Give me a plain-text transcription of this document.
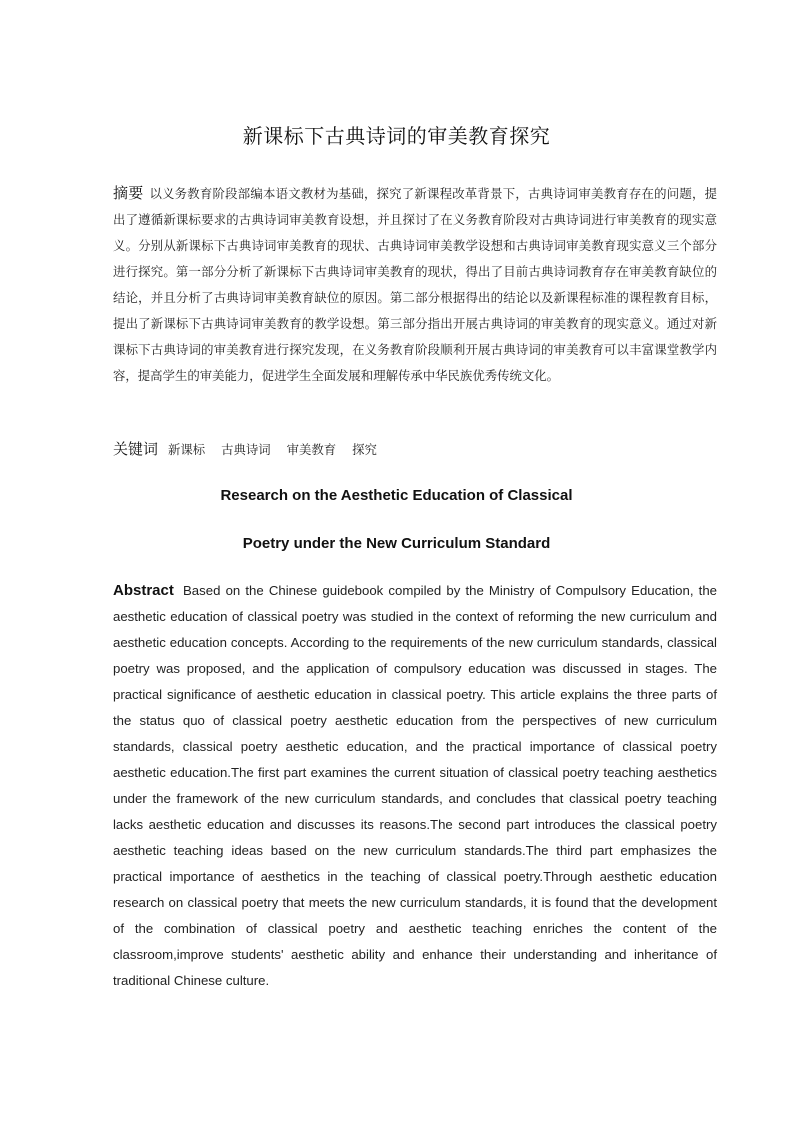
新课标下古典诗词的审美教育探究
摘要 以义务教育阶段部编本语文教材为基础，探究了新课程改革背景下，古典诗词审美教育存在的问题，提出了遵循新课标要求的古典诗词审美教育设想，并且探讨了在义务教育阶段对古典诗词进行审美教育的现实意义。分别从新课标下古典诗词审美教育的现状、古典诗词审美教学设想和古典诗词审美教育现实意义三个部分进行探究。第一部分分析了新课标下古典诗词审美教育的现状，得出了目前古典诗词教育存在审美教育缺位的结论，并且分析了古典诗词审美教育缺位的原因。第二部分根据得出的结论以及新课程标准的课程教育目标，提出了新课标下古典诗词审美教育的教学设想。第三部分指出开展古典诗词的审美教育的现实意义。通过对新课标下古典诗词的审美教育进行探究发现，在义务教育阶段顺利开展古典诗词的审美教育可以丰富课堂教学内容，提高学生的审美能力，促进学生全面发展和理解传承中华民族优秀传统文化。
关键词 新课标 古典诗词 审美教育 探究
Research on the Aesthetic Education of Classical
Poetry under the New Curriculum Standard
Abstract Based on the Chinese guidebook compiled by the Ministry of Compulsory Education, the aesthetic education of classical poetry was studied in the context of reforming the new curriculum and aesthetic education concepts. According to the requirements of the new curriculum standards, classical poetry was proposed, and the application of compulsory education was discussed in stages. The practical significance of aesthetic education in classical poetry. This article explains the three parts of the status quo of classical poetry aesthetic education from the perspectives of new curriculum standards, classical poetry aesthetic education, and the practical importance of classical poetry aesthetic education.The first part examines the current situation of classical poetry teaching aesthetics under the framework of the new curriculum standards, and concludes that classical poetry teaching lacks aesthetic education and discusses its reasons.The second part introduces the classical poetry aesthetic teaching ideas based on the new curriculum standards.The third part emphasizes the practical importance of aesthetics in the teaching of classical poetry.Through aesthetic education research on classical poetry that meets the new curriculum standards, it is found that the development of the combination of classical poetry and aesthetic teaching enriches the content of the classroom,improve students' aesthetic ability and enhance their understanding and inheritance of traditional Chinese culture.
